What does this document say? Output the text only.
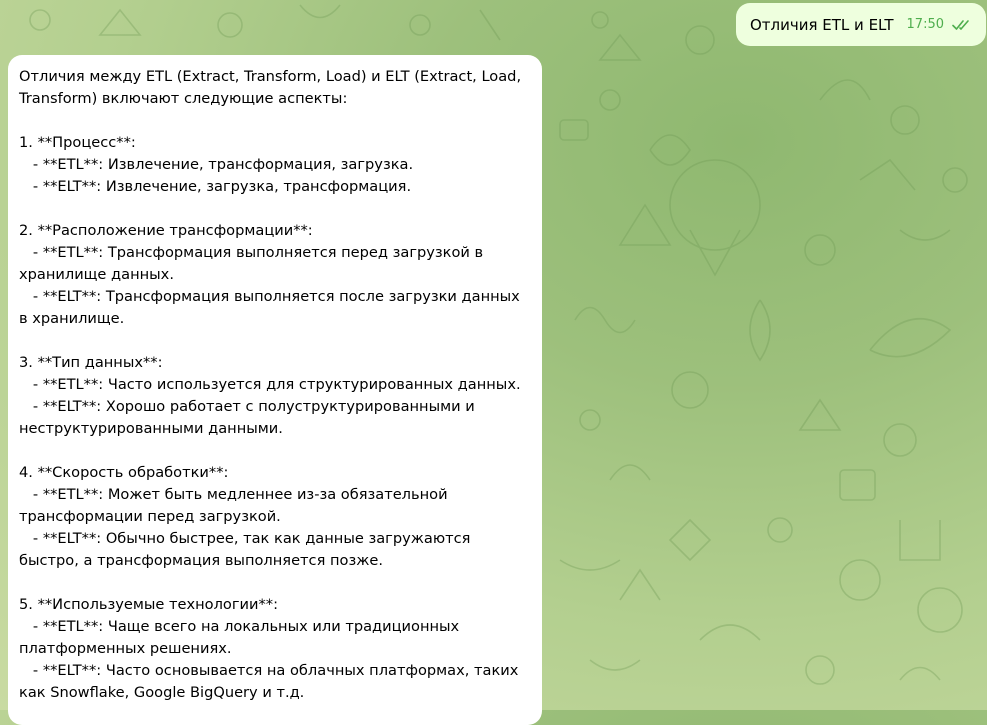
Отличия ETL и ELT 17:50
Отличия между ETL (Extract, Transform, Load) и ELT (Extract, Load,
Transform) включают следующие аспекты:
1. **Процесс**:
- **ETL**: Извлечение, трансформация, загрузка.
- **ELT**: Извлечение, загрузка, трансформация.
2. **Расположение трансформации**:
- **ETL**: Трансформация выполняется перед загрузкой в
хранилище данных.
- **ELT**: Трансформация выполняется после загрузки данных
в хранилище.
3. **Тип данных**:
- **ETL**: Часто используется для структурированных данных.
- **ELT**: Хорошо работает с полуструктурированными и
неструктурированными данными.
4. **Скорость обработки**:
- **ETL**: Может быть медленнее из-за обязательной
трансформации перед загрузкой.
- **ELT**: Обычно быстрее, так как данные загружаются
быстро, а трансформация выполняется позже.
5. **Используемые технологии**:
- **ETL**: Чаще всего на локальных или традиционных
платформенных решениях.
- **ELT**: Часто основывается на облачных платформах, таких
как Snowflake, Google BigQuery и т.д.
